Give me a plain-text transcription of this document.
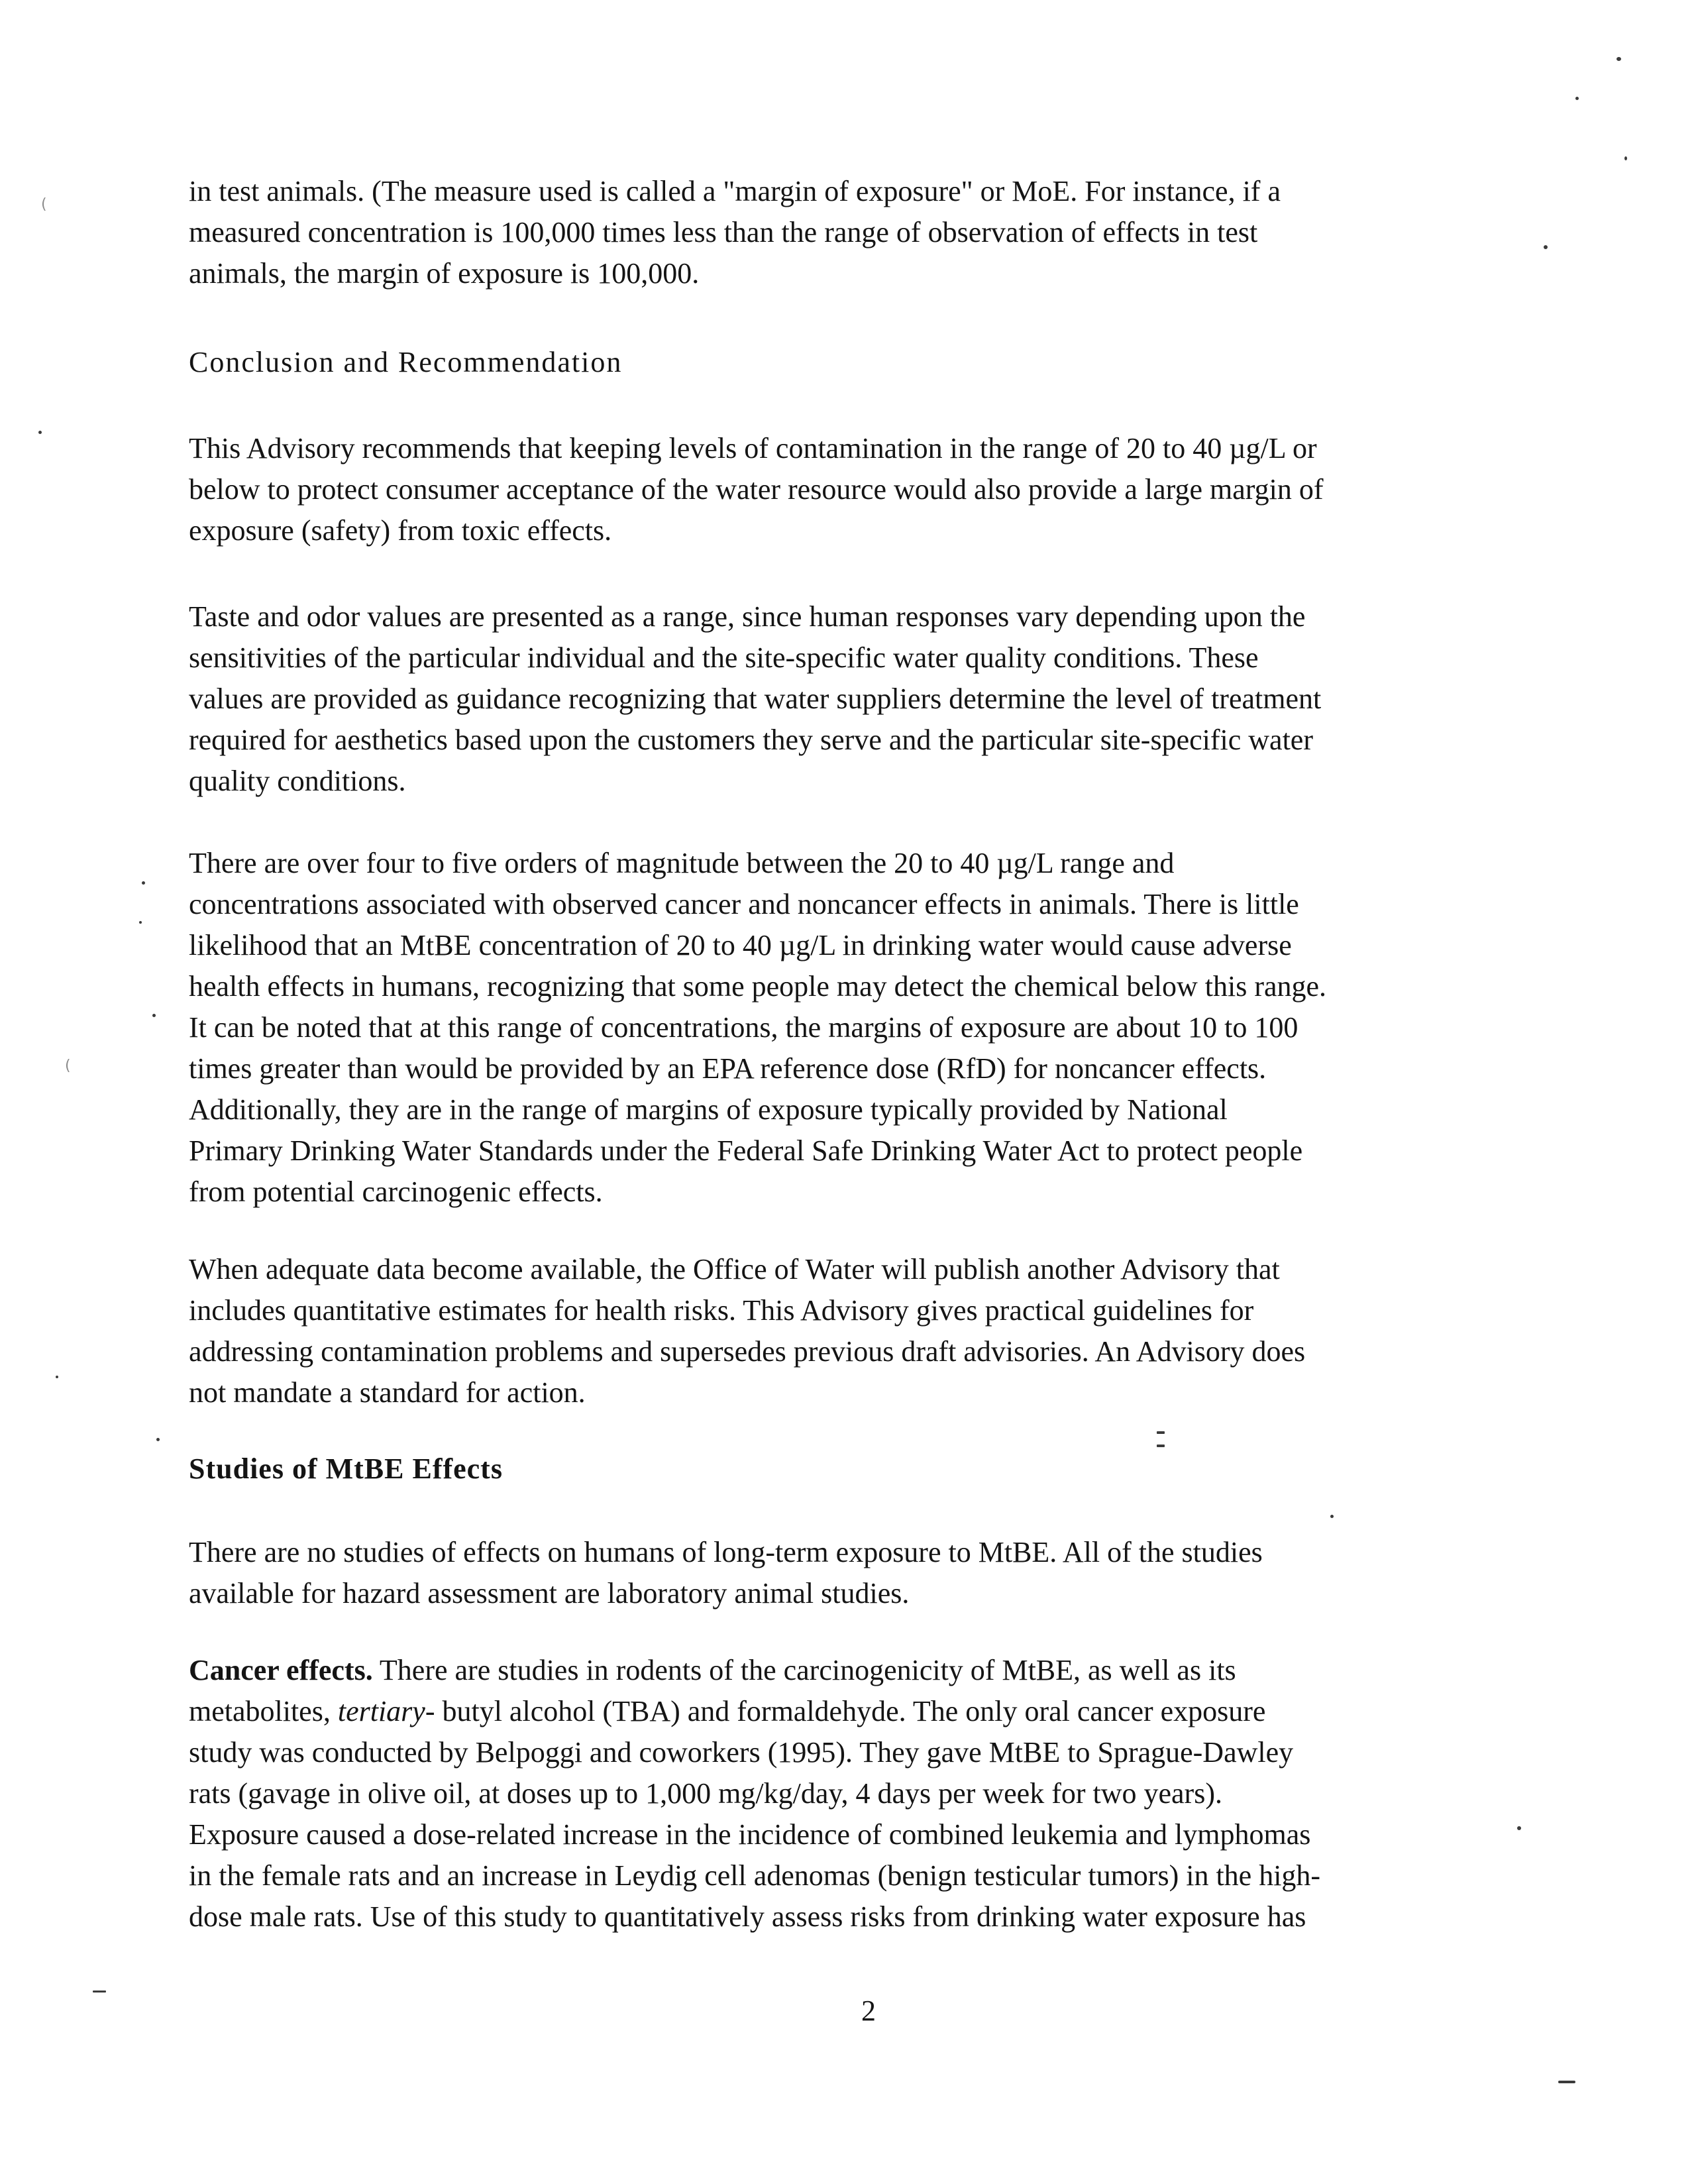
in test animals. (The measure used is called a "margin of exposure" or MoE. For instance, if a
measured concentration is 100,000 times less than the range of observation of effects in test
animals, the margin of exposure is 100,000.
Conclusion and Recommendation
This Advisory recommends that keeping levels of contamination in the range of 20 to 40 µg/L or
below to protect consumer acceptance of the water resource would also provide a large margin of
exposure (safety) from toxic effects.
Taste and odor values are presented as a range, since human responses vary depending upon the
sensitivities of the particular individual and the site-specific water quality conditions. These
values are provided as guidance recognizing that water suppliers determine the level of treatment
required for aesthetics based upon the customers they serve and the particular site-specific water
quality conditions.
There are over four to five orders of magnitude between the 20 to 40 µg/L range and
concentrations associated with observed cancer and noncancer effects in animals. There is little
likelihood that an MtBE concentration of 20 to 40 µg/L in drinking water would cause adverse
health effects in humans, recognizing that some people may detect the chemical below this range.
It can be noted that at this range of concentrations, the margins of exposure are about 10 to 100
times greater than would be provided by an EPA reference dose (RfD) for noncancer effects.
Additionally, they are in the range of margins of exposure typically provided by National
Primary Drinking Water Standards under the Federal Safe Drinking Water Act to protect people
from potential carcinogenic effects.
When adequate data become available, the Office of Water will publish another Advisory that
includes quantitative estimates for health risks. This Advisory gives practical guidelines for
addressing contamination problems and supersedes previous draft advisories. An Advisory does
not mandate a standard for action.
Studies of MtBE Effects
There are no studies of effects on humans of long-term exposure to MtBE. All of the studies
available for hazard assessment are laboratory animal studies.
Cancer effects. There are studies in rodents of the carcinogenicity of MtBE, as well as its
metabolites, tertiary- butyl alcohol (TBA) and formaldehyde. The only oral cancer exposure
study was conducted by Belpoggi and coworkers (1995). They gave MtBE to Sprague-Dawley
rats (gavage in olive oil, at doses up to 1,000 mg/kg/day, 4 days per week for two years).
Exposure caused a dose-related increase in the incidence of combined leukemia and lymphomas
in the female rats and an increase in Leydig cell adenomas (benign testicular tumors) in the high-
dose male rats. Use of this study to quantitatively assess risks from drinking water exposure has
2
(
(
